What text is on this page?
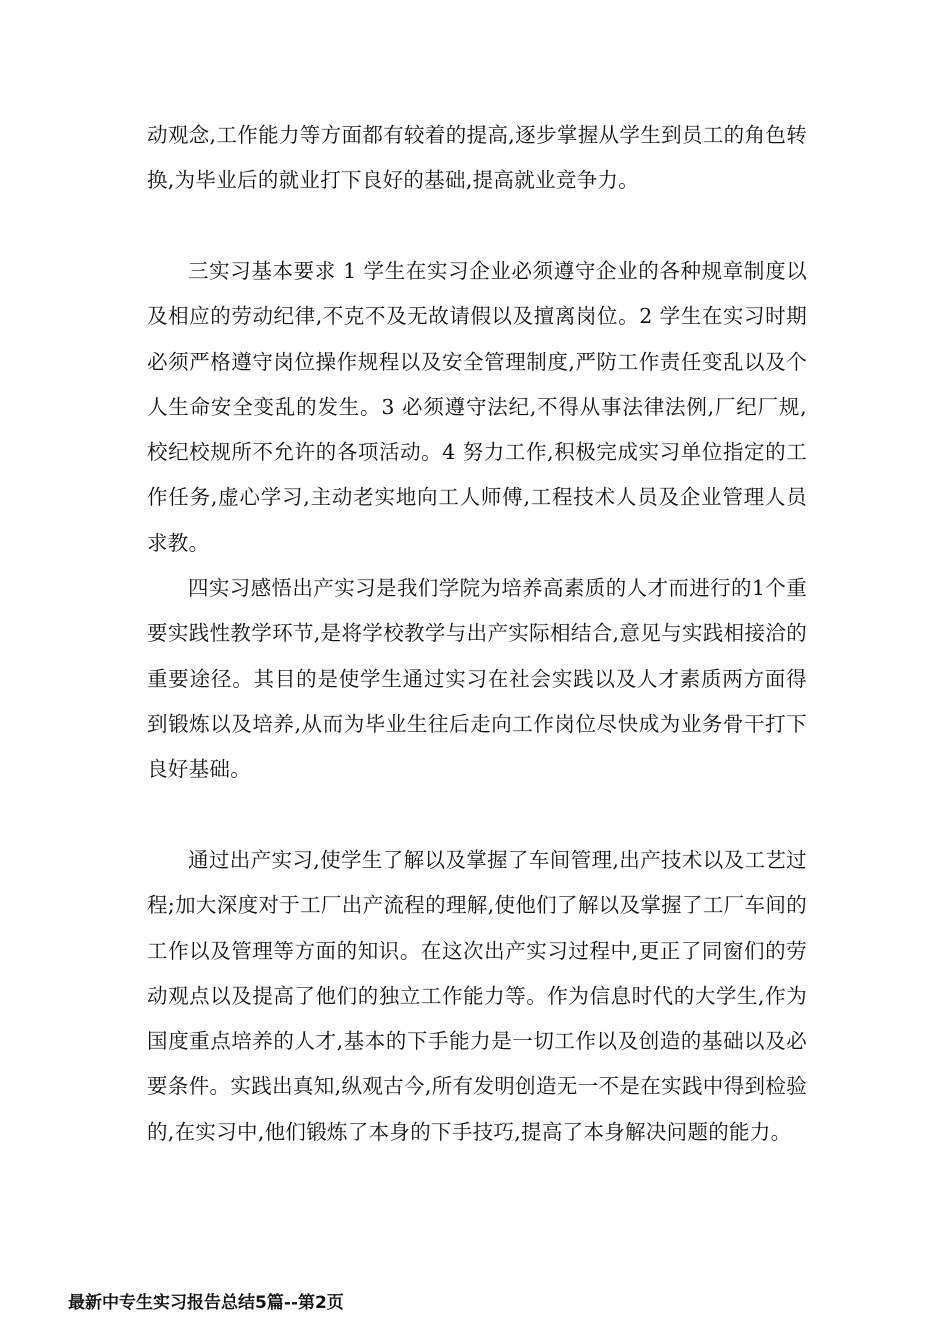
动观念,工作能力等方面都有较着的提高,逐步掌握从学生到员工的角色转换,为毕业后的就业打下良好的基础,提高就业竞争力。

三实习基本要求 1 学生在实习企业必须遵守企业的各种规章制度以及相应的劳动纪律,不克不及无故请假以及擅离岗位。2 学生在实习时期必须严格遵守岗位操作规程以及安全管理制度,严防工作责任变乱以及个人生命安全变乱的发生。3 必须遵守法纪,不得从事法律法例,厂纪厂规,校纪校规所不允许的各项活动。4 努力工作,积极完成实习单位指定的工作任务,虚心学习,主动老实地向工人师傅,工程技术人员及企业管理人员求教。

四实习感悟出产实习是我们学院为培养高素质的人才而进行的1个重要实践性教学环节,是将学校教学与出产实际相结合,意见与实践相接洽的重要途径。其目的是使学生通过实习在社会实践以及人才素质两方面得到锻炼以及培养,从而为毕业生往后走向工作岗位尽快成为业务骨干打下良好基础。

通过出产实习,使学生了解以及掌握了车间管理,出产技术以及工艺过程;加大深度对于工厂出产流程的理解,使他们了解以及掌握了工厂车间的工作以及管理等方面的知识。在这次出产实习过程中,更正了同窗们的劳动观点以及提高了他们的独立工作能力等。作为信息时代的大学生,作为国度重点培养的人才,基本的下手能力是一切工作以及创造的基础以及必要条件。实践出真知,纵观古今,所有发明创造无一不是在实践中得到检验的,在实习中,他们锻炼了本身的下手技巧,提高了本身解决问题的能力。

最新中专生实习报告总结5篇--第2页
